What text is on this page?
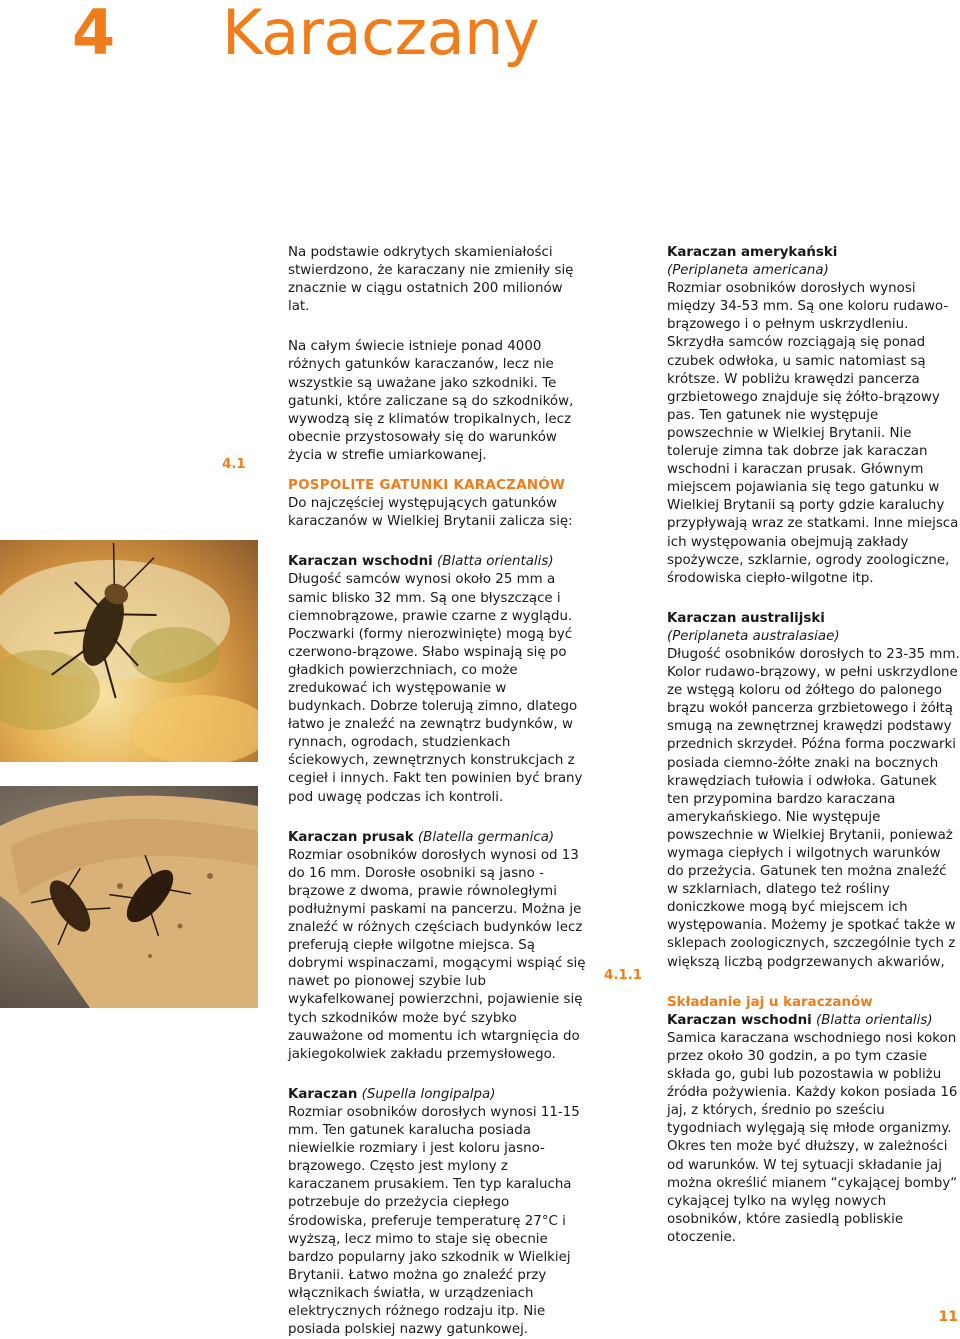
4 Karaczany
4.1
4.1.1

Na podstawie odkrytych skamieniałości stwierdzono, że karaczany nie zmieniły się znacznie w ciągu ostatnich 200 milionów lat.

Na całym świecie istnieje ponad 4000 różnych gatunków karaczanów, lecz nie wszystkie są uważane jako szkodniki. Te gatunki, które zaliczane są do szkodników, wywodzą się z klimatów tropikalnych, lecz obecnie przystosowały się do warunków życia w strefie umiarkowanej.

POSPOLITE GATUNKI KARACZANÓW

Do najczęściej występujących gatunków karaczanów w Wielkiej Brytanii zalicza się:

Karaczan wschodni (Blatta orientalis)

Długość samców wynosi około 25 mm a samic blisko 32 mm. Są one błyszczące i ciemnobrązowe, prawie czarne z wyglądu. Poczwarki (formy nierozwinięte) mogą być czerwono-brązowe. Słabo wspinają się po gładkich powierzchniach, co może zredukować ich występowanie w budynkach. Dobrze tolerują zimno, dlatego łatwo je znaleźć na zewnątrz budynków, w rynnach, ogrodach, studzienkach ściekowych, zewnętrznych konstrukcjach z cegieł i innych. Fakt ten powinien być brany pod uwagę podczas ich kontroli.

Karaczan prusak (Blatella germanica)

Rozmiar osobników dorosłych wynosi od 13 do 16 mm. Dorosłe osobniki są jasno -brązowe z dwoma, prawie równoległymi podłużnymi paskami na pancerzu. Można je znaleźć w różnych częściach budynków lecz preferują ciepłe wilgotne miejsca. Są dobrymi wspinaczami, mogącymi wspiąć się nawet po pionowej szybie lub wykafelkowanej powierzchni, pojawienie się tych szkodników może być szybko zauważone od momentu ich wtargnięcia do jakiegokolwiek zakładu przemysłowego.

Karaczan (Supella longipalpa)

Rozmiar osobników dorosłych wynosi 11-15 mm. Ten gatunek karalucha posiada niewielkie rozmiary i jest koloru jasno-brązowego. Często jest mylony z karaczanem prusakiem. Ten typ karalucha potrzebuje do przeżycia ciepłego środowiska, preferuje temperaturę 27°C i wyższą, lecz mimo to staje się obecnie bardzo popularny jako szkodnik w Wielkiej Brytanii. Łatwo można go znaleźć przy włącznikach światła, w urządzeniach elektrycznych różnego rodzaju itp. Nie posiada polskiej nazwy gatunkowej.

Karaczan amerykański

(Periplaneta americana)

Rozmiar osobników dorosłych wynosi między 34-53 mm. Są one koloru rudawo-brązowego i o pełnym uskrzydleniu. Skrzydła samców rozciągają się ponad czubek odwłoka, u samic natomiast są krótsze. W pobliżu krawędzi pancerza grzbietowego znajduje się żółto-brązowy pas. Ten gatunek nie występuje powszechnie w Wielkiej Brytanii. Nie toleruje zimna tak dobrze jak karaczan wschodni i karaczan prusak. Głównym miejscem pojawiania się tego gatunku w Wielkiej Brytanii są porty gdzie karaluchy przypływają wraz ze statkami. Inne miejsca ich występowania obejmują zakłady spożywcze, szklarnie, ogrody zoologiczne, środowiska ciepło-wilgotne itp.

Karaczan australijski

(Periplaneta australasiae)

Długość osobników dorosłych to 23-35 mm. Kolor rudawo-brązowy, w pełni uskrzydlone ze wstęgą koloru od żółtego do palonego brązu wokół pancerza grzbietowego i żółtą smugą na zewnętrznej krawędzi podstawy przednich skrzydeł. Późna forma poczwarki posiada ciemno-żółte znaki na bocznych krawędziach tułowia i odwłoka. Gatunek ten przypomina bardzo karaczana amerykańskiego. Nie występuje powszechnie w Wielkiej Brytanii, ponieważ wymaga ciepłych i wilgotnych warunków do przeżycia. Gatunek ten można znaleźć w szklarniach, dlatego też rośliny doniczkowe mogą być miejscem ich występowania. Możemy je spotkać także w sklepach zoologicznych, szczególnie tych z większą liczbą podgrzewanych akwariów,

Składanie jaj u karaczanów

Karaczan wschodni (Blatta orientalis)

Samica karaczana wschodniego nosi kokon przez około 30 godzin, a po tym czasie składa go, gubi lub pozostawia w pobliżu źródła pożywienia. Każdy kokon posiada 16 jaj, z których, średnio po sześciu tygodniach wylęgają się młode organizmy. Okres ten może być dłuższy, w zależności od warunków. W tej sytuacji składanie jaj można określić mianem “cykającej bomby“ cykającej tylko na wylęg nowych osobników, które zasiedlą pobliskie otoczenie.

11
